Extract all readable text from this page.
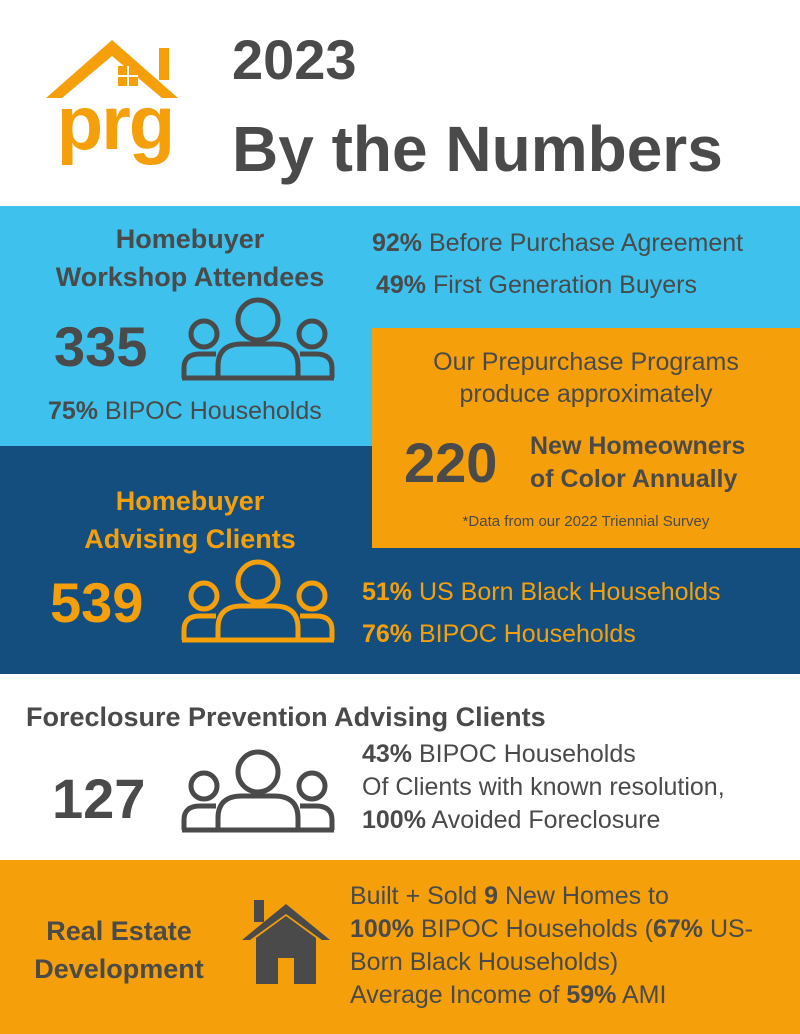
prg
2023
By the Numbers
Homebuyer
Workshop Attendees
335
75% BIPOC Households
92% Before Purchase Agreement
49% First Generation Buyers
Our Prepurchase Programs
produce approximately
220 New Homeowners
of Color Annually
*Data from our 2022 Triennial Survey
Homebuyer
Advising Clients
539	51% US Born Black Households
76% BIPOC Households
Foreclosure Prevention Advising Clients
127
43% BIPOC Households
Of Clients with known resolution,
100% Avoided Foreclosure
Real Estate
Development
Built + Sold 9 New Homes to
100% BIPOC Households (67% US-
Born Black Households)
Average Income of 59% AMI
